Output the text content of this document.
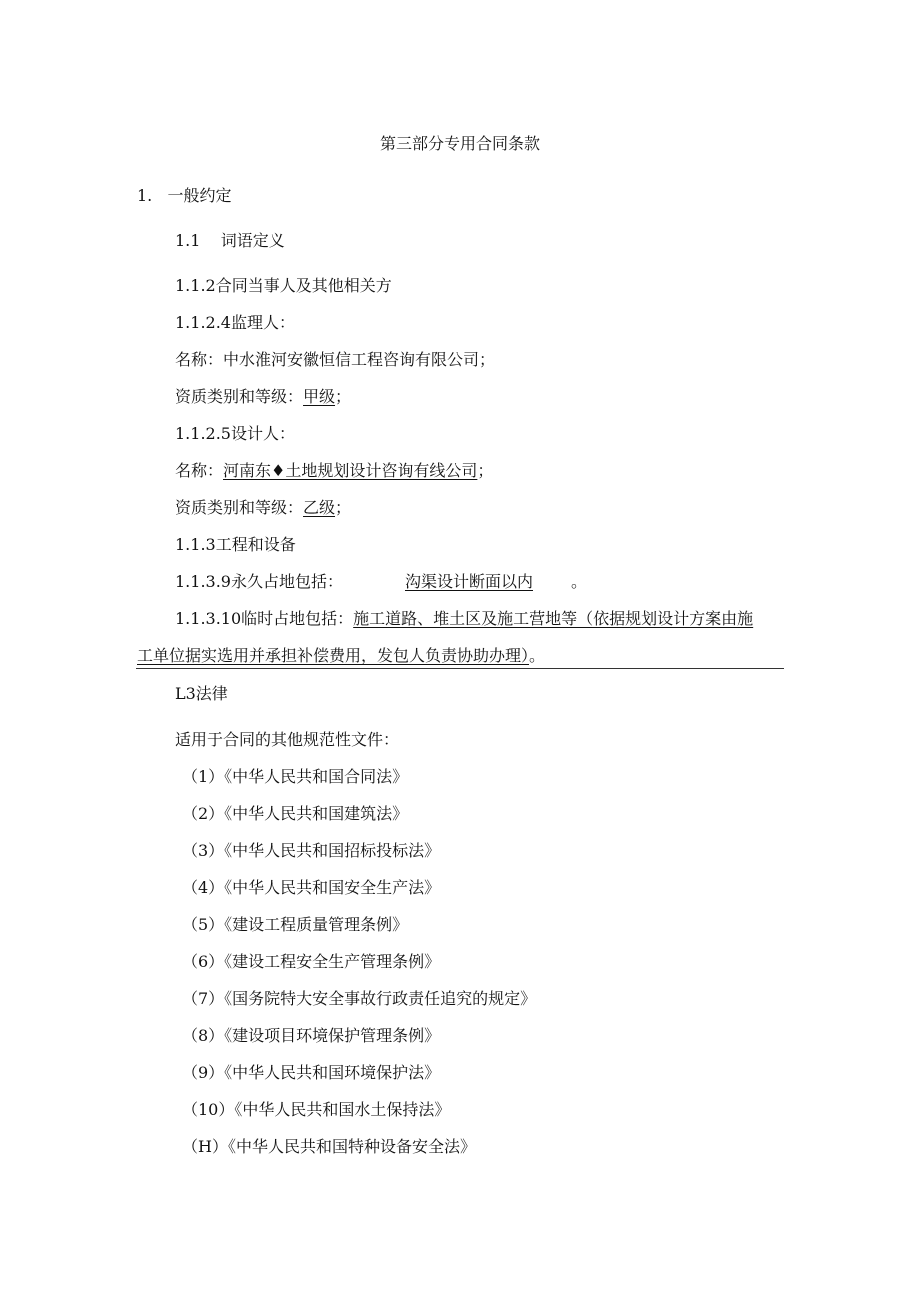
第三部分专用合同条款
1.   一般约定
1.1    词语定义
1.1.2合同当事人及其他相关方
1.1.2.4监理人：
名称：中水淮河安徽恒信工程咨询有限公司；
资质类别和等级：甲级；
1.1.2.5设计人：
名称：河南东♦土地规划设计咨询有线公司；
资质类别和等级：乙级；
1.1.3工程和设备
1.1.3.9永久占地包括：	沟渠设计断面以内 。
1.1.3.10临时占地包括：施工道路、堆土区及施工营地等（依据规划设计方案由施
工单位据实选用并承担补偿费用，发包人负责协助办理）。
L3法律
适用于合同的其他规范性文件：
（1）《中华人民共和国合同法》
（2）《中华人民共和国建筑法》
（3）《中华人民共和国招标投标法》
（4）《中华人民共和国安全生产法》
（5）《建设工程质量管理条例》
（6）《建设工程安全生产管理条例》
（7）《国务院特大安全事故行政责任追究的规定》
（8）《建设项目环境保护管理条例》
（9）《中华人民共和国环境保护法》
（10）《中华人民共和国水土保持法》
（H）《中华人民共和国特种设备安全法》
